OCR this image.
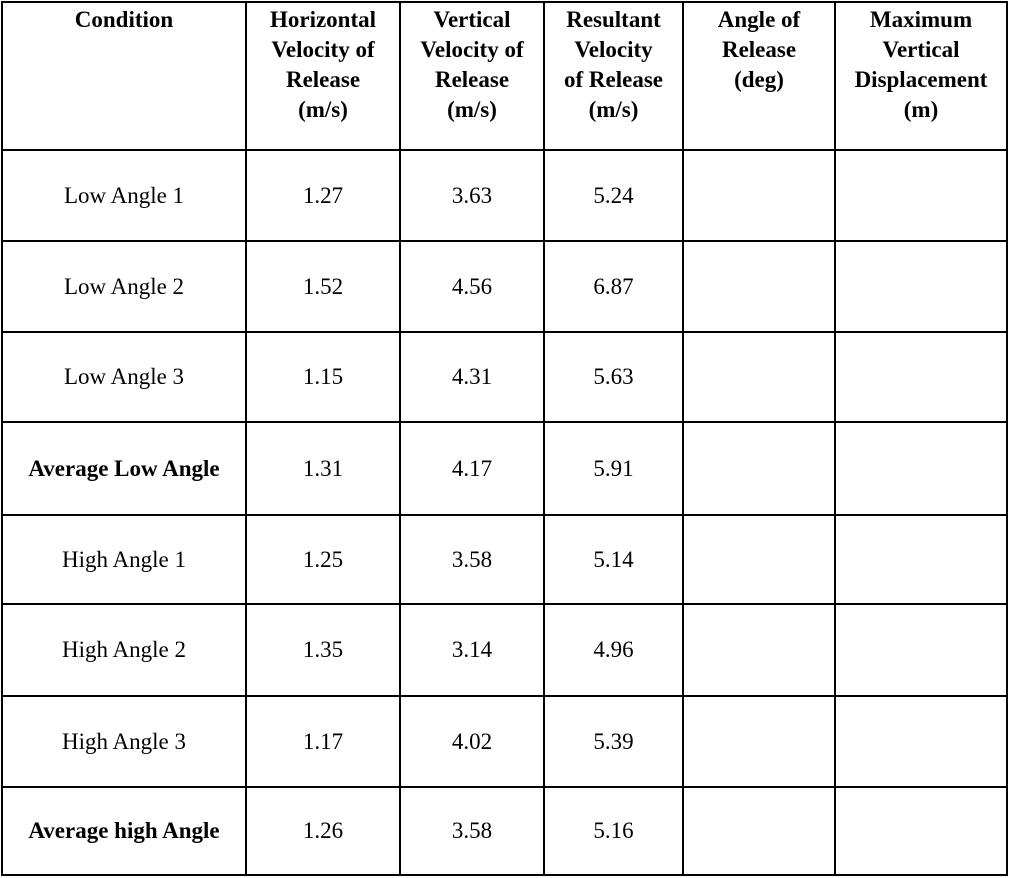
Condition	Horizontal
Velocity of
Release
(m/s)	Vertical
Velocity of
Release
(m/s)	Resultant
Velocity
of Release
(m/s)	Angle of
Release
(deg)	Maximum
Vertical
Displacement
(m)
Low Angle 1	1.27	3.63	5.24		
Low Angle 2	1.52	4.56	6.87		
Low Angle 3	1.15	4.31	5.63		
Average Low Angle	1.31	4.17	5.91		
High Angle 1	1.25	3.58	5.14		
High Angle 2	1.35	3.14	4.96		
High Angle 3	1.17	4.02	5.39		
Average high Angle	1.26	3.58	5.16		
